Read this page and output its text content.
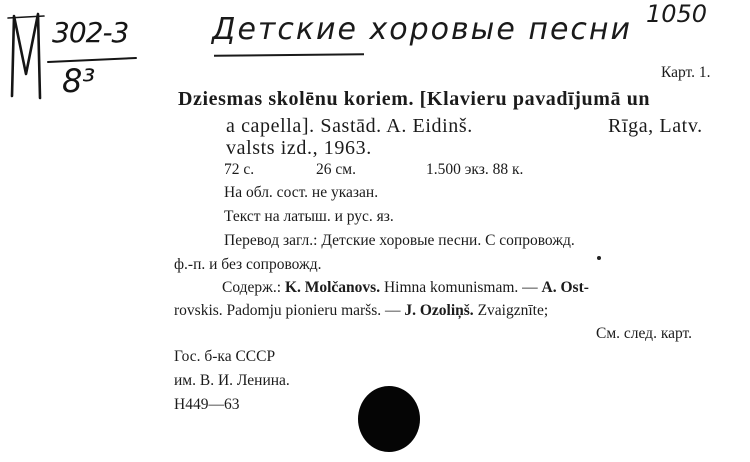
302-3
8³
Детские хоровые песни 1050
Карт. 1.
Dziesmas skolēnu koriem. [Klavieru pavadījumā un
a capella]. Sastād. A. Eidinš.	Rīga, Latv.
valsts izd., 1963.
72 с.	26 см.	1.500 экз. 88 к.
На обл. сост. не указан.
Текст на латыш. и рус. яз.
Перевод загл.: Детские хоровые песни. С сопровожд.
ф.-п. и без сопровожд.
Содерж.: K. Molčanovs. Himna komunismam. — A. Ost-
rovskis. Padomju pionieru maršs. — J. Ozoliņš. Zvaigznīte;
См. след. карт.
Гос. б-ка СССР
им. В. И. Ленина.
Н449—63
